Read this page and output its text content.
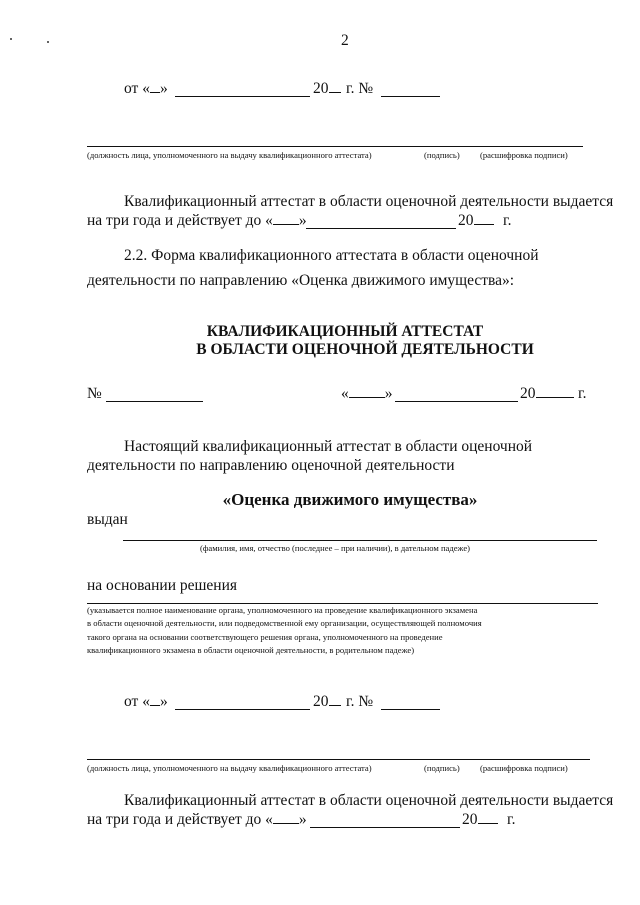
2
от « »	20	г. №
(должность лица, уполномоченного на выдачу квалификационного аттестата)	(подпись) (расшифровка подписи)
Квалификационный аттестат в области оценочной деятельности выдается
на три года и действует до « »	20	г.
2.2. Форма квалификационного аттестата в области оценочной
деятельности по направлению «Оценка движимого имущества»:
КВАЛИФИКАЦИОННЫЙ АТТЕСТАТ
В ОБЛАСТИ ОЦЕНОЧНОЙ ДЕЯТЕЛЬНОСТИ
№	« »	20	г.
Настоящий квалификационный аттестат в области оценочной
деятельности по направлению оценочной деятельности
«Оценка движимого имущества»
выдан
(фамилия, имя, отчество (последнее – при наличии), в дательном падеже)
на основании решения
(указывается полное наименование органа, уполномоченного на проведение квалификационного экзамена
в области оценочной деятельности, или подведомственной ему организации, осуществляющей полномочия
такого органа на основании соответствующего решения органа, уполномоченного на проведение
квалификационного экзамена в области оценочной деятельности, в родительном падеже)
от « »	20	г. №
(должность лица, уполномоченного на выдачу квалификационного аттестата)	(подпись) (расшифровка подписи)
Квалификационный аттестат в области оценочной деятельности выдается
на три года и действует до « »	20	г.
